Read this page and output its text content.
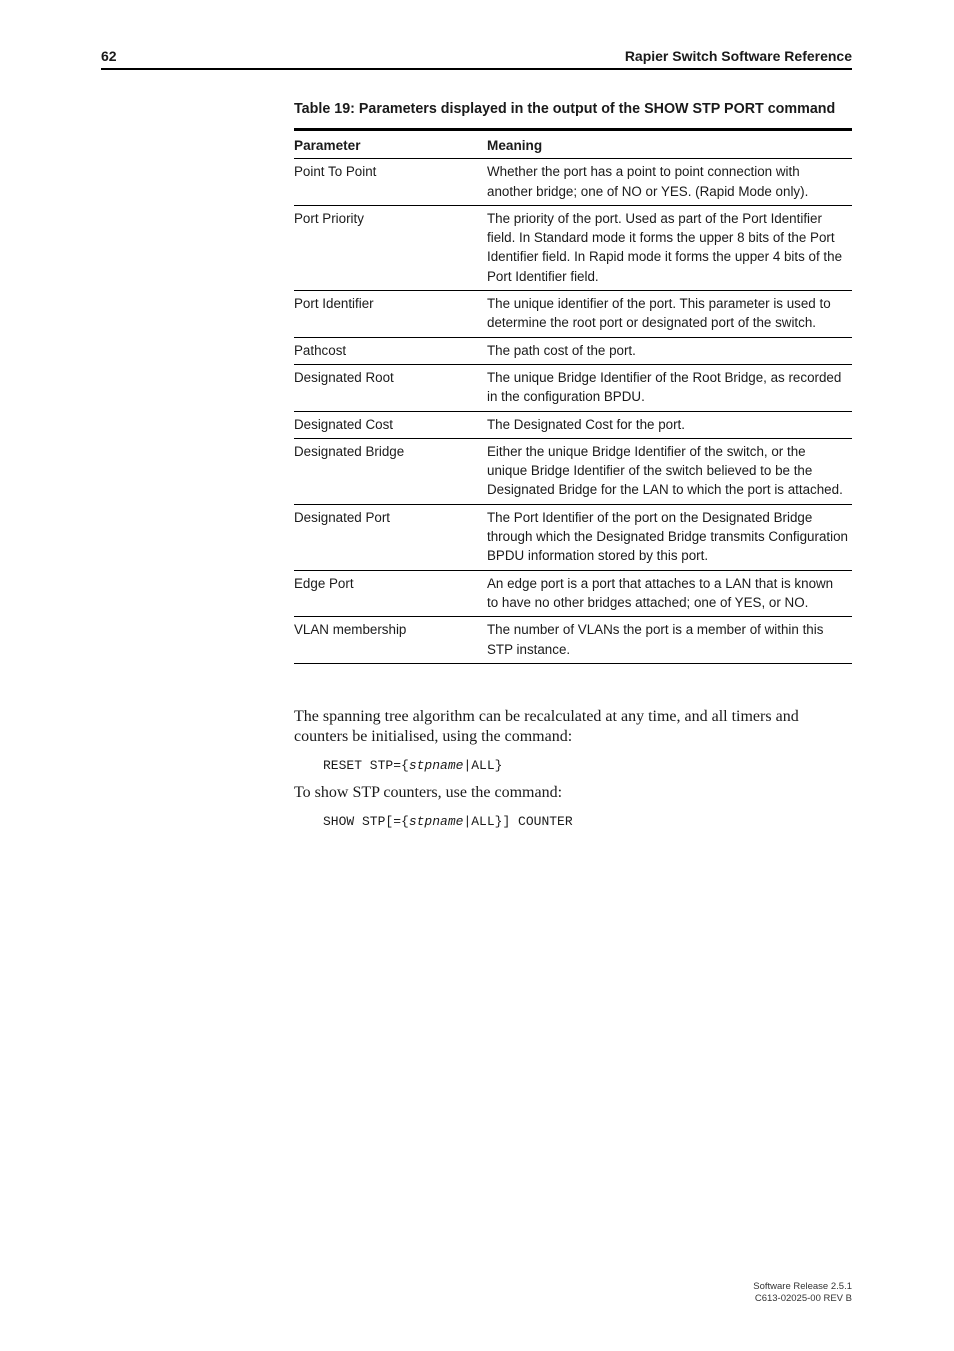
62	Rapier Switch Software Reference
Table 19: Parameters displayed in the output of the SHOW STP PORT command
Parameter	Meaning
Point To Point	Whether the port has a point to point connection with another bridge; one of NO or YES. (Rapid Mode only).
Port Priority	The priority of the port. Used as part of the Port Identifier field. In Standard mode it forms the upper 8 bits of the Port Identifier field. In Rapid mode it forms the upper 4 bits of the Port Identifier field.
Port Identifier	The unique identifier of the port. This parameter is used to determine the root port or designated port of the switch.
Pathcost	The path cost of the port.
Designated Root	The unique Bridge Identifier of the Root Bridge, as recorded in the configuration BPDU.
Designated Cost	The Designated Cost for the port.
Designated Bridge	Either the unique Bridge Identifier of the switch, or the unique Bridge Identifier of the switch believed to be the Designated Bridge for the LAN to which the port is attached.
Designated Port	The Port Identifier of the port on the Designated Bridge through which the Designated Bridge transmits Configuration BPDU information stored by this port.
Edge Port	An edge port is a port that attaches to a LAN that is known to have no other bridges attached; one of YES, or NO.
VLAN membership	The number of VLANs the port is a member of within this STP instance.
The spanning tree algorithm can be recalculated at any time, and all timers and counters be initialised, using the command:
RESET STP={stpname|ALL}
To show STP counters, use the command:
SHOW STP[={stpname|ALL}] COUNTER
Software Release 2.5.1
C613-02025-00 REV B
